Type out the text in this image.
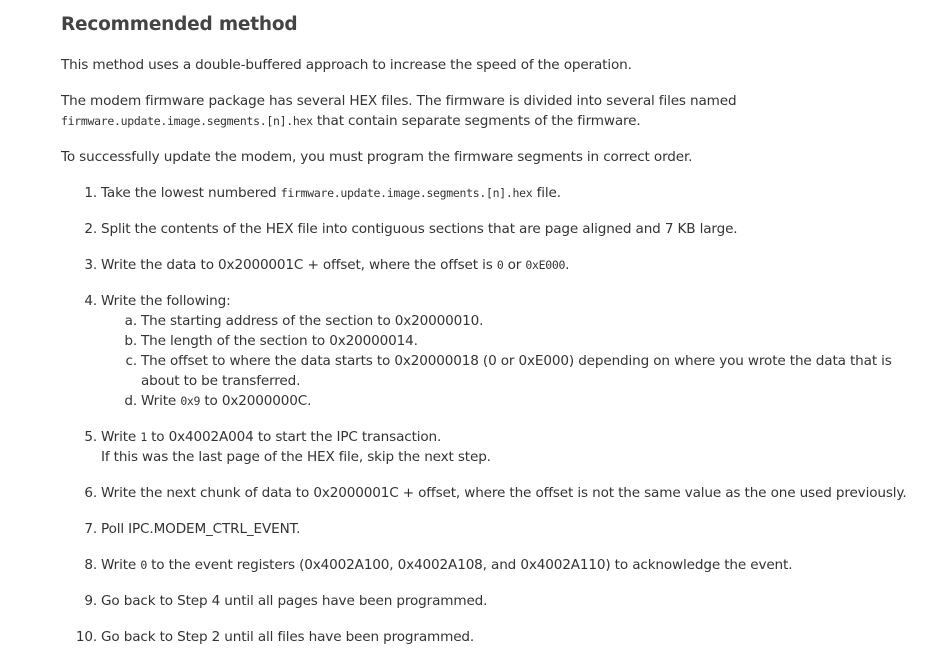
Recommended method

This method uses a double-buffered approach to increase the speed of the operation.

The modem firmware package has several HEX files. The firmware is divided into several files named
firmware.update.image.segments.[n].hex that contain separate segments of the firmware.

To successfully update the modem, you must program the firmware segments in correct order.

1. Take the lowest numbered firmware.update.image.segments.[n].hex file.
2. Split the contents of the HEX file into contiguous sections that are page aligned and 7 KB large.
3. Write the data to 0x2000001C + offset, where the offset is 0 or 0xE000.
4. Write the following:
a. The starting address of the section to 0x20000010.
b. The length of the section to 0x20000014.
c. The offset to where the data starts to 0x20000018 (0 or 0xE000) depending on where you wrote the data that is about to be transferred.
d. Write 0x9 to 0x2000000C.
5. Write 1 to 0x4002A004 to start the IPC transaction.
If this was the last page of the HEX file, skip the next step.
6. Write the next chunk of data to 0x2000001C + offset, where the offset is not the same value as the one used previously.
7. Poll IPC.MODEM_CTRL_EVENT.
8. Write 0 to the event registers (0x4002A100, 0x4002A108, and 0x4002A110) to acknowledge the event.
9. Go back to Step 4 until all pages have been programmed.
10. Go back to Step 2 until all files have been programmed.
